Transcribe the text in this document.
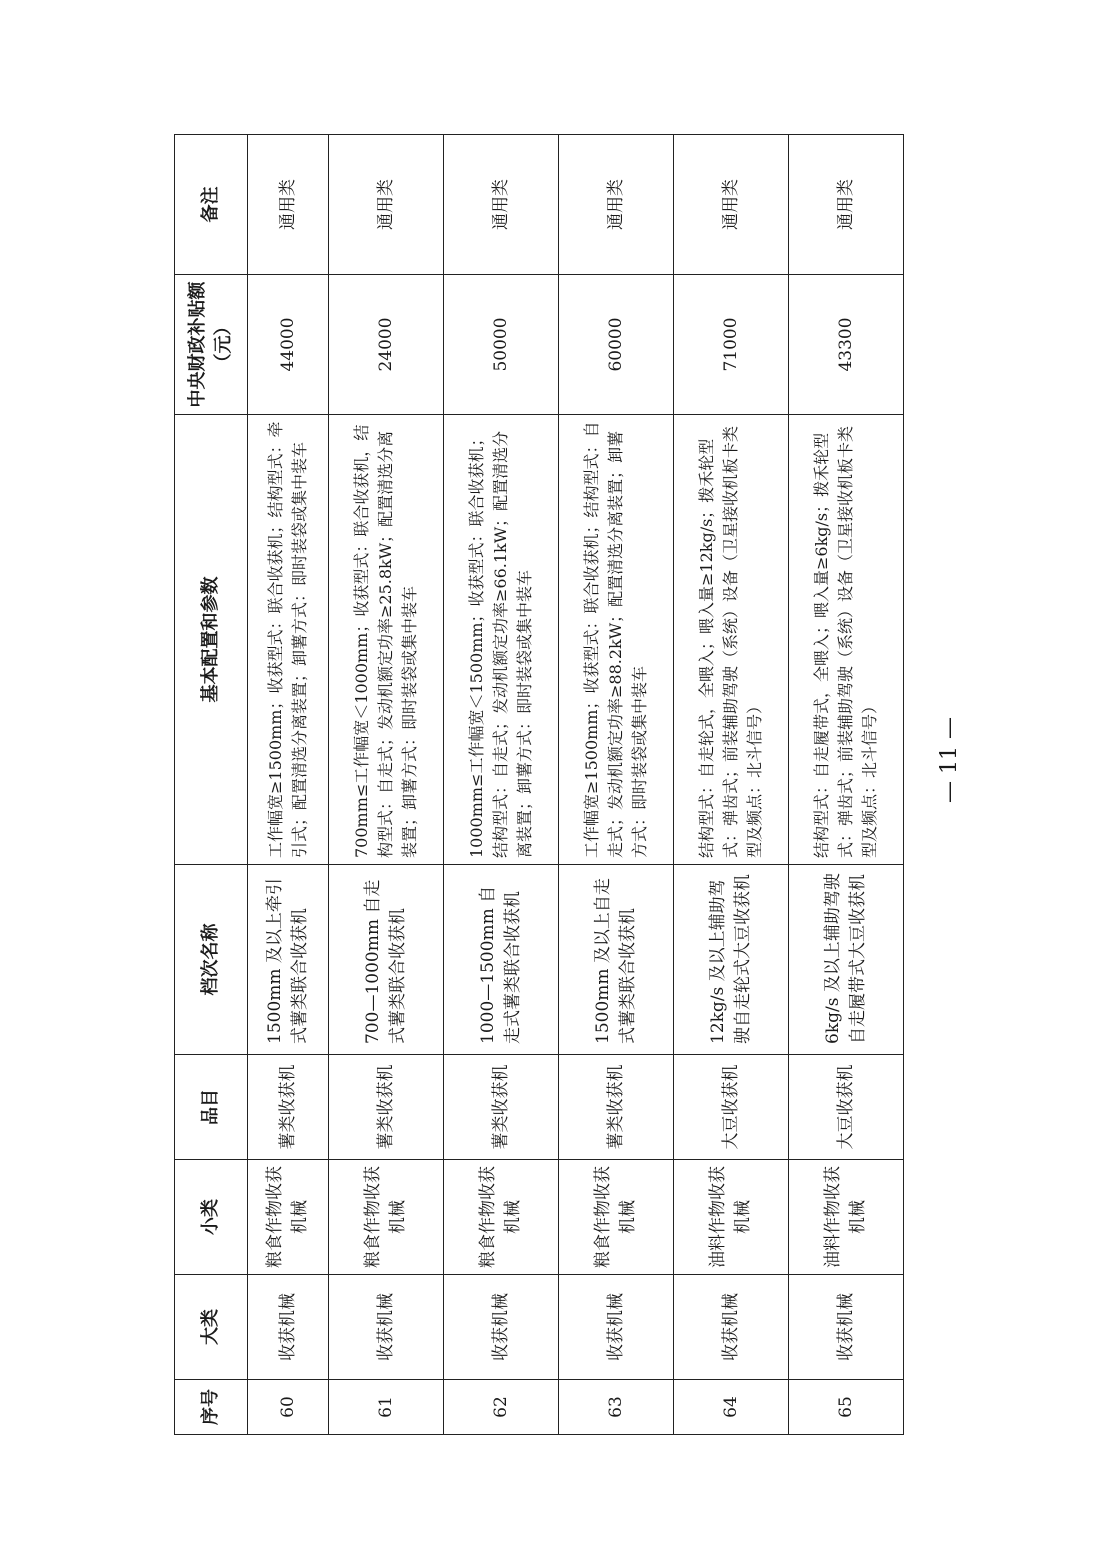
序号	大类	小类	品目	档次名称	基本配置和参数	中央财政补贴额（元）	备注
60	收获机械	粮食作物收获机械	薯类收获机	1500mm 及以上牵引式薯类联合收获机	工作幅宽≥1500mm；收获型式：联合收获机；结构型式：牵引式；配置清选分离装置；卸薯方式：即时装袋或集中装车	44000	通用类
61	收获机械	粮食作物收获机械	薯类收获机	700—1000mm 自走式薯类联合收获机	700mm≤工作幅宽＜1000mm；收获型式：联合收获机，结构型式：自走式；发动机额定功率≥25.8kW；配置清选分离装置；卸薯方式：即时装袋或集中装车	24000	通用类
62	收获机械	粮食作物收获机械	薯类收获机	1000—1500mm 自走式薯类联合收获机	1000mm≤工作幅宽＜1500mm；收获型式：联合收获机；结构型式：自走式；发动机额定功率≥66.1kW；配置清选分离装置；卸薯方式：即时装袋或集中装车	50000	通用类
63	收获机械	粮食作物收获机械	薯类收获机	1500mm 及以上自走式薯类联合收获机	工作幅宽≥1500mm；收获型式：联合收获机；结构型式：自走式；发动机额定功率≥88.2kW；配置清选分离装置；卸薯方式：即时装袋或集中装车	60000	通用类
64	收获机械	油料作物收获机械	大豆收获机	12kg/s 及以上辅助驾驶自走轮式大豆收获机	结构型式：自走轮式，全喂入；喂入量≥12kg/s；拨禾轮型式：弹齿式；前装辅助驾驶（系统）设备（卫星接收机板卡类型及频点：北斗信号）	71000	通用类
65	收获机械	油料作物收获机械	大豆收获机	6kg/s 及以上辅助驾驶自走履带式大豆收获机	结构型式：自走履带式，全喂入；喂入量≥6kg/s；拨禾轮型式：弹齿式；前装辅助驾驶（系统）设备（卫星接收机板卡类型及频点：北斗信号）	43300	通用类
— 11 —
